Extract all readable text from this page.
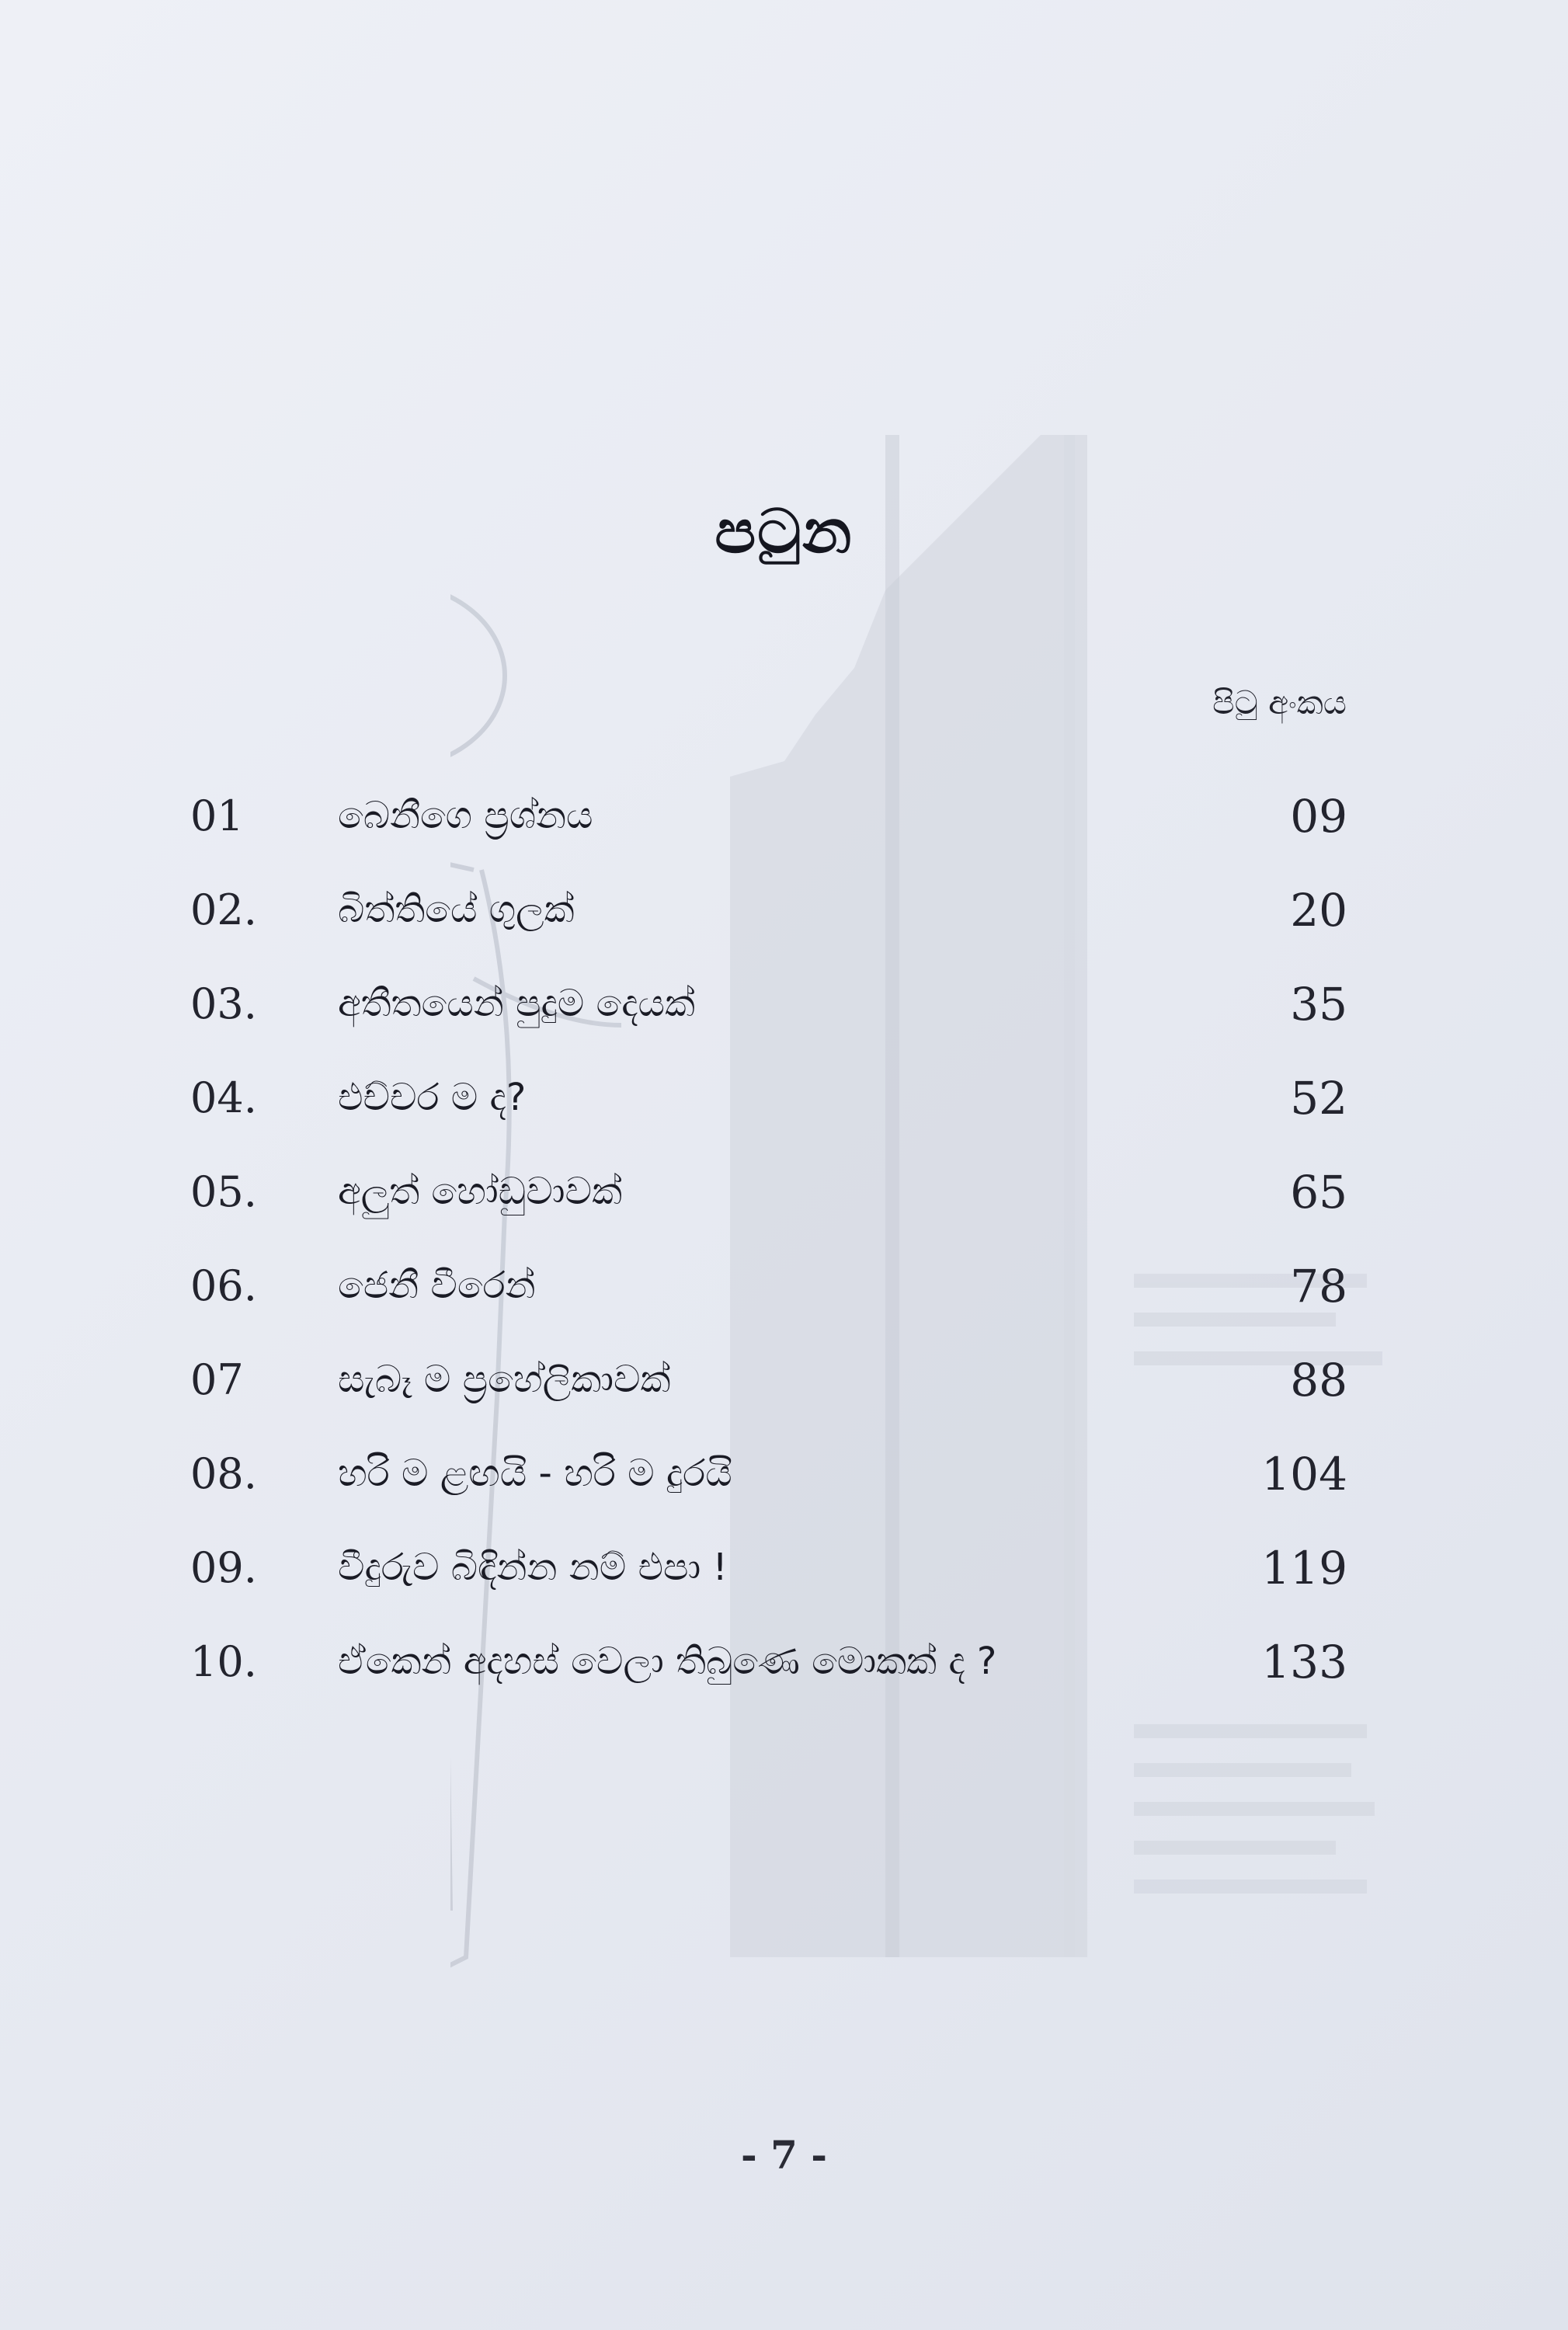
පටුන
පිටු අංකය
01	බෙනීගෙ ප්‍රශ්නය	09
02.	බිත්තියේ ගුලක්	20
03.	අතීතයෙන් පුදුම දෙයක්	35
04.	එච්චර ම ද?	52
05.	අලුත් හෝඩුවාවක්	65
06.	ජෙනී වීරෙන්	78
07	සැබෑ ම ප්‍රහේලිකාවක්	88
08.	හරි ම ළඟයි - හරි ම දුරයි	104
09.	වීදුරුව බිඳින්න නම් එපා !	119
10.	ඒකෙන් අදහස් වෙලා තිබුණෙ මොකක් ද ?	133
- 7 -
